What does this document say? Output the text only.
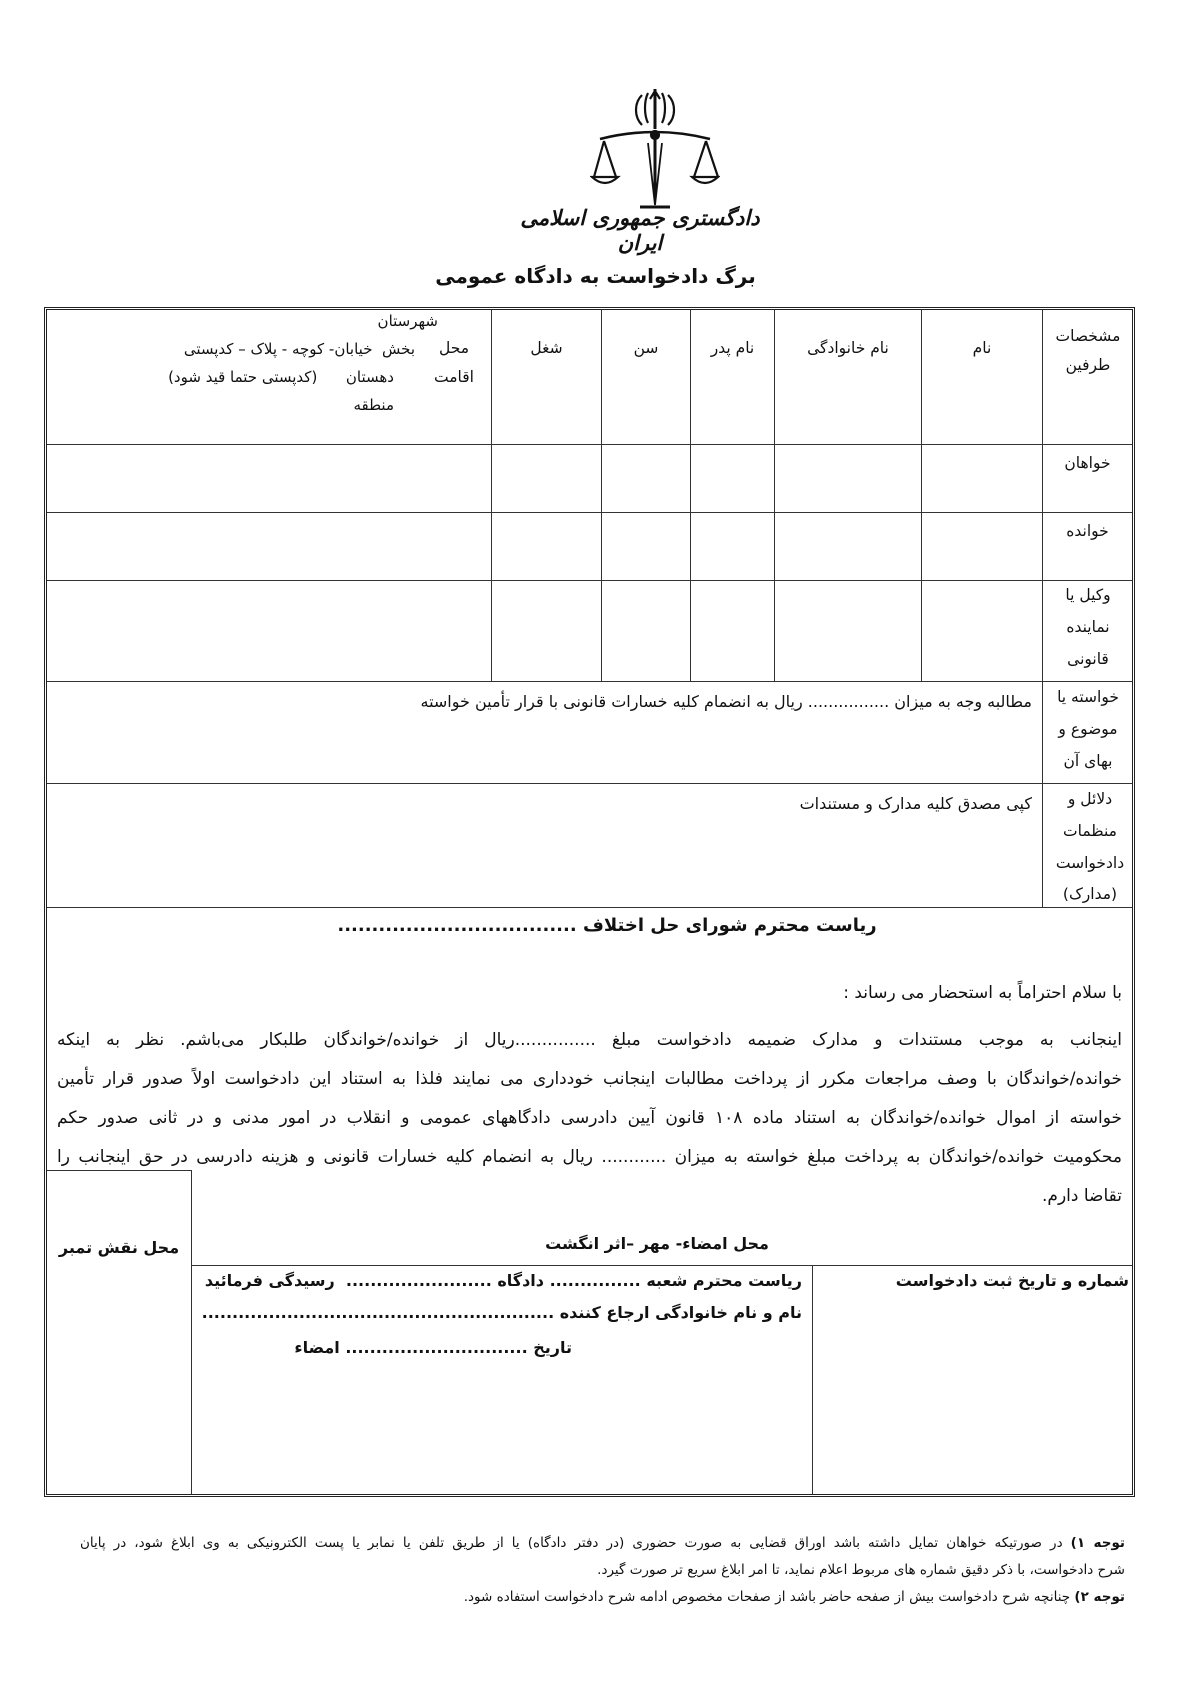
دادگستری جمهوری اسلامی ایران
برگ دادخواست به دادگاه عمومی
مشخصات طرفین
نام
نام خانوادگی
نام پدر
سن
شغل
محل اقامت
شهرستان
بخش  خیابان- کوچه - پلاک – کدپستی
دهستان      (کدپستی حتما قید شود)
منطقه
خواهان
خوانده
وکیل یا نماینده قانونی
خواسته یا موضوع و بهای آن
دلائل و منظمات دادخواست (مدارک)
مطالبه وجه به میزان ................ ریال به انضمام کلیه خسارات قانونی با قرار تأمین خواسته
کپی مصدق کلیه مدارک و مستندات
ریاست محترم شورای حل اختلاف ...................................
با سلام احتراماً به استحضار می رساند :

اینجانب به موجب مستندات و مدارک ضمیمه دادخواست مبلغ ...............ریال از خوانده/خواندگان طلبکار می‌باشم. نظر به اینکه

خوانده/خواندگان با وصف مراجعات مکرر از پرداخت مطالبات اینجانب خودداری می نمایند فلذا به استناد این دادخواست اولاً صدور قرار تأمین

خواسته از اموال خوانده/خواندگان به استناد ماده ۱۰۸ قانون آیین دادرسی دادگاههای عمومی و انقلاب در امور مدنی و در ثانی صدور حکم

محکومیت خوانده/خواندگان به پرداخت مبلغ خواسته به میزان ............ ریال به انضمام کلیه خسارات قانونی و هزینه دادرسی در حق اینجانب را

تقاضا دارم.

محل نقش تمبر	محل امضاء- مهر –اثر انگشت
شماره و تاریخ ثبت دادخواست
ریاست محترم شعبه ............... دادگاه ........................  رسیدگی فرمائید
نام و نام خانوادگی ارجاع کننده ..........................................................
تاریخ .............................. امضاء
توجه ۱) در صورتیکه خواهان تمایل داشته باشد اوراق قضایی به صورت حضوری (در دفتر دادگاه) یا از طریق تلفن یا نمابر یا پست الکترونیکی به وی ابلاغ شود، در پایان
شرح دادخواست، با ذکر دقیق شماره های مربوط اعلام نماید، تا امر ابلاغ سریع تر صورت گیرد.
توجه ۲) چنانچه شرح دادخواست بیش از صفحه حاضر باشد از صفحات مخصوص ادامه شرح دادخواست استفاده شود.
